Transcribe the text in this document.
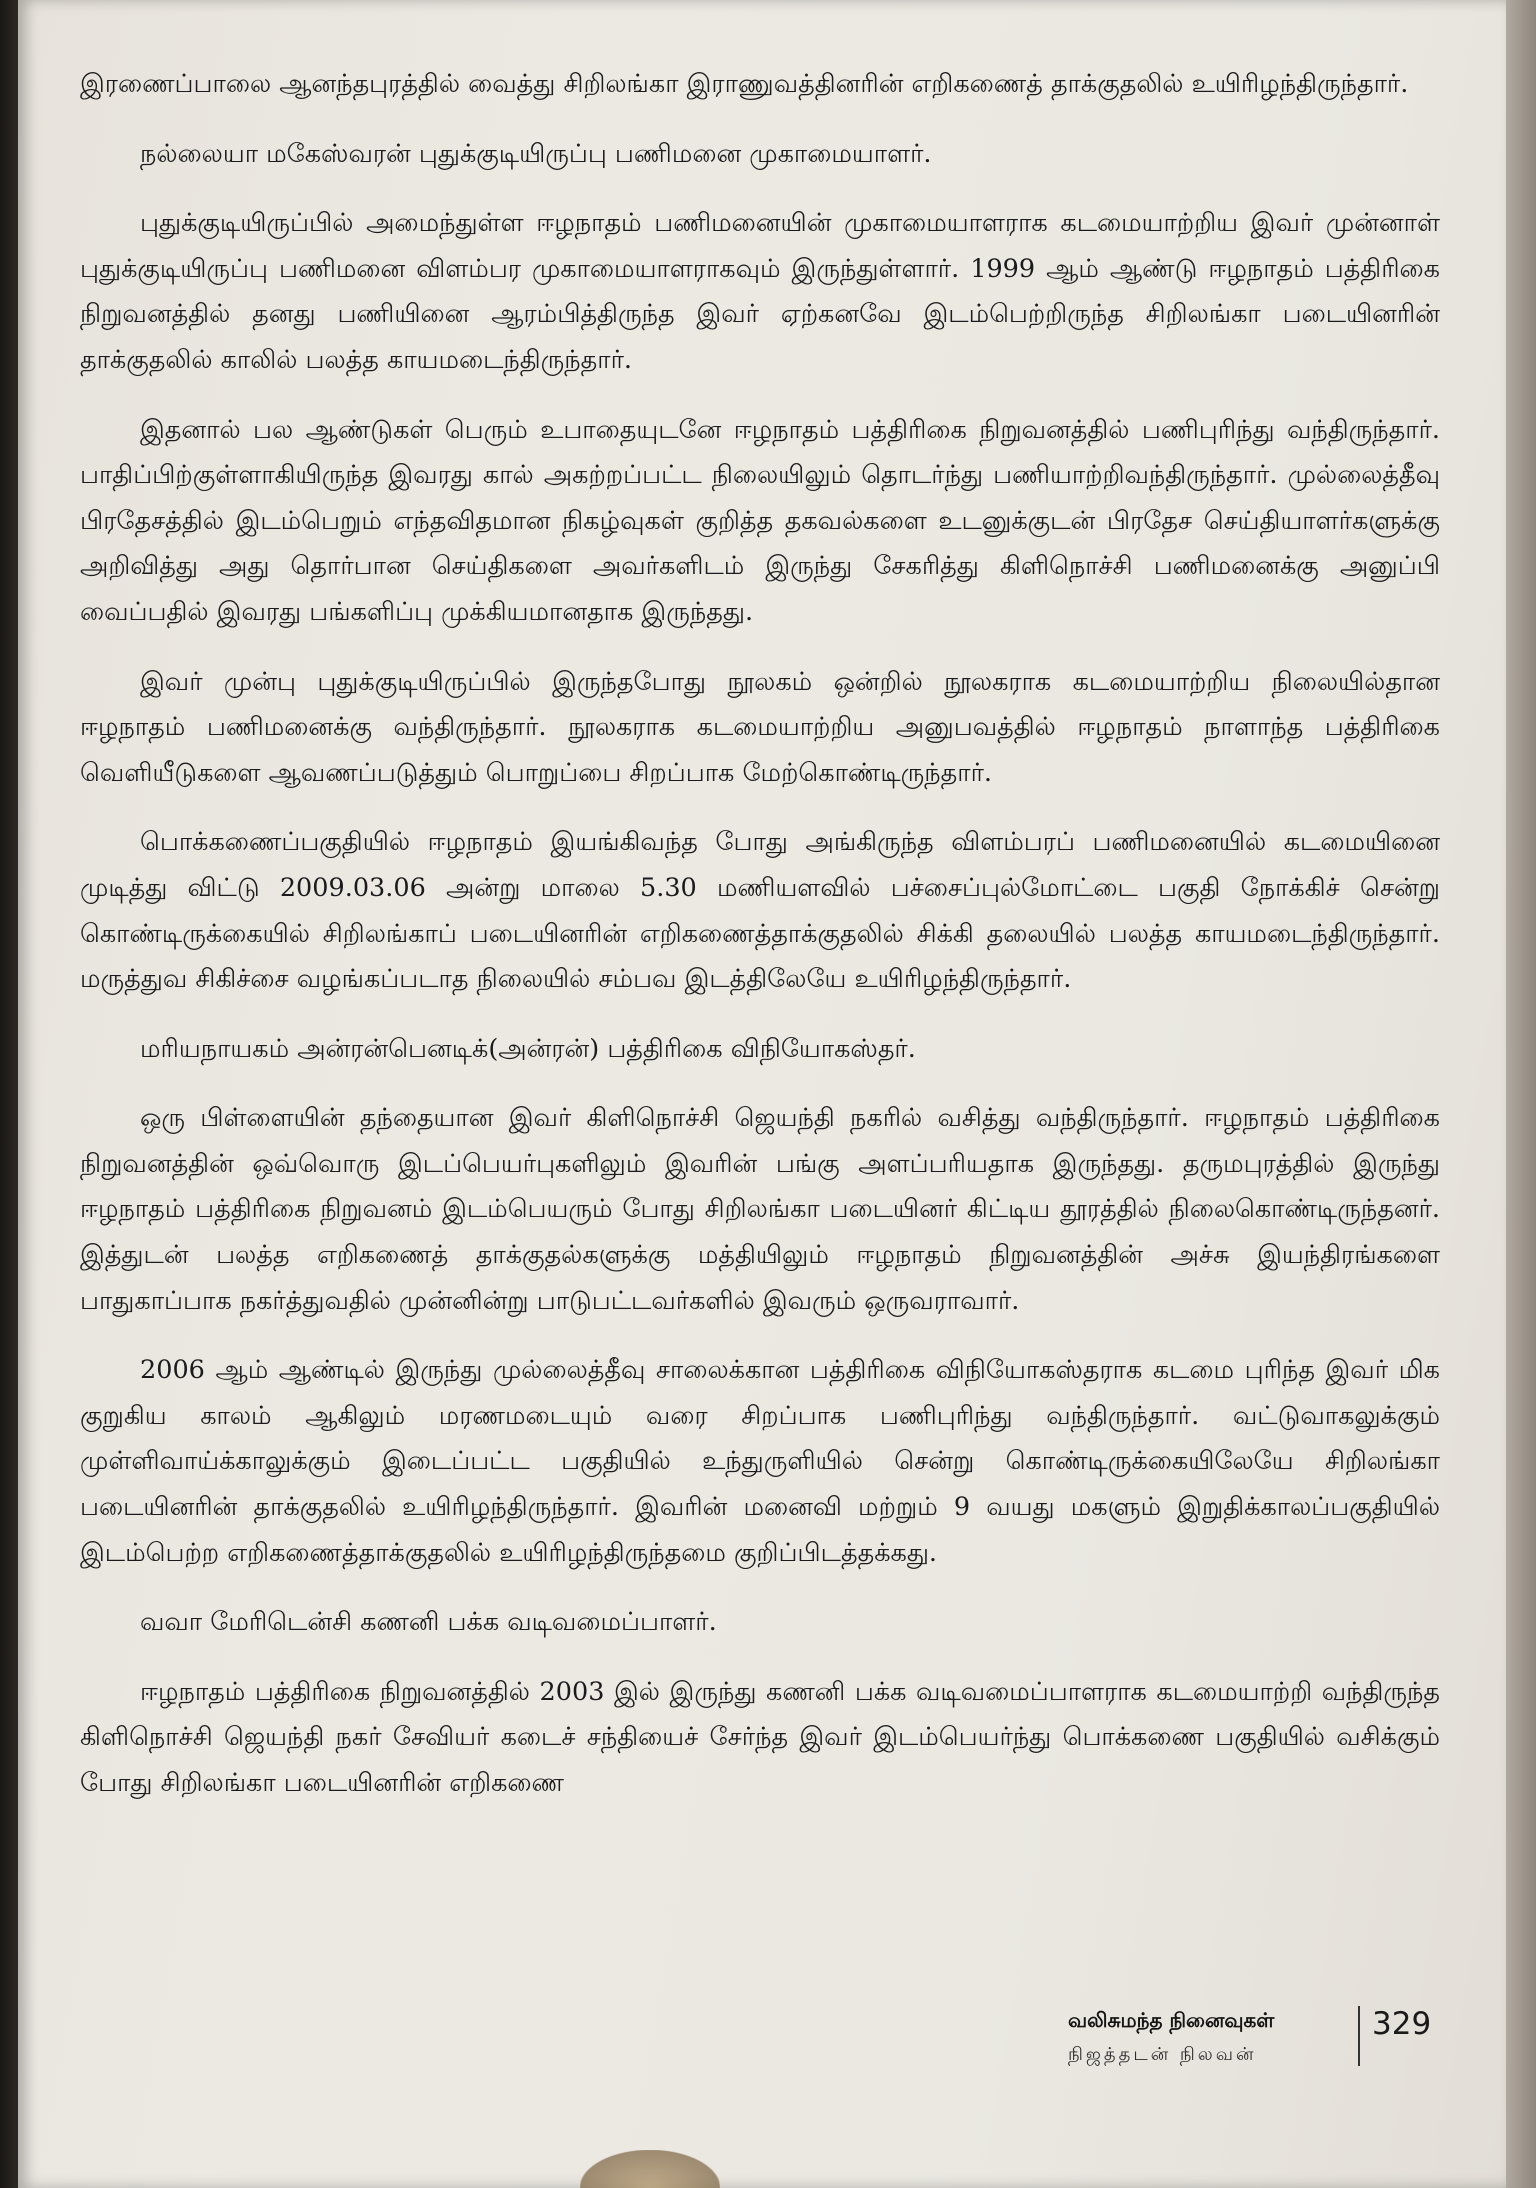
இரணைப்பாலை ஆனந்தபுரத்தில் வைத்து சிறிலங்கா இராணுவத்தினரின் எறிகணைத் தாக்குதலில் உயிரிழந்திருந்தார்.

நல்லையா மகேஸ்வரன் புதுக்குடியிருப்பு பணிமனை முகாமையாளர்.

புதுக்குடியிருப்பில் அமைந்துள்ள ஈழநாதம் பணிமனையின் முகாமையாளராக கடமையாற்றிய இவர் முன்னாள் புதுக்குடியிருப்பு பணிமனை விளம்பர முகாமையாளராகவும் இருந்துள்ளார். 1999 ஆம் ஆண்டு ஈழநாதம் பத்திரிகை நிறுவனத்தில் தனது பணியினை ஆரம்பித்திருந்த இவர் ஏற்கனவே இடம்பெற்றிருந்த சிறிலங்கா படையினரின் தாக்குதலில் காலில் பலத்த காயமடைந்திருந்தார்.

இதனால் பல ஆண்டுகள் பெரும் உபாதையுடனே ஈழநாதம் பத்திரிகை நிறுவனத்தில் பணிபுரிந்து வந்திருந்தார். பாதிப்பிற்குள்ளாகியிருந்த இவரது கால் அகற்றப்பட்ட நிலையிலும் தொடர்ந்து பணியாற்றிவந்திருந்தார். முல்லைத்தீவு பிரதேசத்தில் இடம்பெறும் எந்தவிதமான நிகழ்வுகள் குறித்த தகவல்களை உடனுக்குடன் பிரதேச செய்தியாளர்களுக்கு அறிவித்து அது தொர்பான செய்திகளை அவர்களிடம் இருந்து சேகரித்து கிளிநொச்சி பணிமனைக்கு அனுப்பி வைப்பதில் இவரது பங்களிப்பு முக்கியமானதாக இருந்தது.

இவர் முன்பு புதுக்குடியிருப்பில் இருந்தபோது நூலகம் ஒன்றில் நூலகராக கடமையாற்றிய நிலையில்தான ஈழநாதம் பணிமனைக்கு வந்திருந்தார். நூலகராக கடமையாற்றிய அனுபவத்தில் ஈழநாதம் நாளாந்த பத்திரிகை வெளியீடுகளை ஆவணப்படுத்தும் பொறுப்பை சிறப்பாக மேற்கொண்டிருந்தார்.

பொக்கணைப்பகுதியில் ஈழநாதம் இயங்கிவந்த போது அங்கிருந்த விளம்பரப் பணிமனையில் கடமையினை முடித்து விட்டு 2009.03.06 அன்று மாலை 5.30 மணியளவில் பச்சைப்புல்மோட்டை பகுதி நோக்கிச் சென்று கொண்டிருக்கையில் சிறிலங்காப் படையினரின் எறிகணைத்தாக்குதலில் சிக்கி தலையில் பலத்த காயமடைந்திருந்தார். மருத்துவ சிகிச்சை வழங்கப்படாத நிலையில் சம்பவ இடத்திலேயே உயிரிழந்திருந்தார்.

மரியநாயகம் அன்ரன்பெனடிக்(அன்ரன்) பத்திரிகை விநியோகஸ்தர்.

ஒரு பிள்ளையின் தந்தையான இவர் கிளிநொச்சி ஜெயந்தி நகரில் வசித்து வந்திருந்தார். ஈழநாதம் பத்திரிகை நிறுவனத்தின் ஒவ்வொரு இடப்பெயர்புகளிலும் இவரின் பங்கு அளப்பரியதாக இருந்தது. தருமபுரத்தில் இருந்து ஈழநாதம் பத்திரிகை நிறுவனம் இடம்பெயரும் போது சிறிலங்கா படையினர் கிட்டிய தூரத்தில் நிலைகொண்டிருந்தனர். இத்துடன் பலத்த எறிகணைத் தாக்குதல்களுக்கு மத்தியிலும் ஈழநாதம் நிறுவனத்தின் அச்சு இயந்திரங்களை பாதுகாப்பாக நகர்த்துவதில் முன்னின்று பாடுபட்டவர்களில் இவரும் ஒருவராவார்.

2006 ஆம் ஆண்டில் இருந்து முல்லைத்தீவு சாலைக்கான பத்திரிகை விநியோகஸ்தராக கடமை புரிந்த இவர் மிக குறுகிய காலம் ஆகிலும் மரணமடையும் வரை சிறப்பாக பணிபுரிந்து வந்திருந்தார். வட்டுவாகலுக்கும் முள்ளிவாய்க்காலுக்கும் இடைப்பட்ட பகுதியில் உந்துருளியில் சென்று கொண்டிருக்கையிலேயே சிறிலங்கா படையினரின் தாக்குதலில் உயிரிழந்திருந்தார். இவரின் மனைவி மற்றும் 9 வயது மகளும் இறுதிக்காலப்பகுதியில் இடம்பெற்ற எறிகணைத்தாக்குதலில் உயிரிழந்திருந்தமை குறிப்பிடத்தக்கது.

வவா மேரிடென்சி கணனி பக்க வடிவமைப்பாளர்.

ஈழநாதம் பத்திரிகை நிறுவனத்தில் 2003 இல் இருந்து கணனி பக்க வடிவமைப்பாளராக கடமையாற்றி வந்திருந்த கிளிநொச்சி ஜெயந்தி நகர் சேவியர் கடைச் சந்தியைச் சேர்ந்த இவர் இடம்பெயர்ந்து பொக்கணை பகுதியில் வசிக்கும் போது சிறிலங்கா படையினரின் எறிகணை

வலிசுமந்த நினைவுகள்
நிஜத்தடன் நிலவன்
329
